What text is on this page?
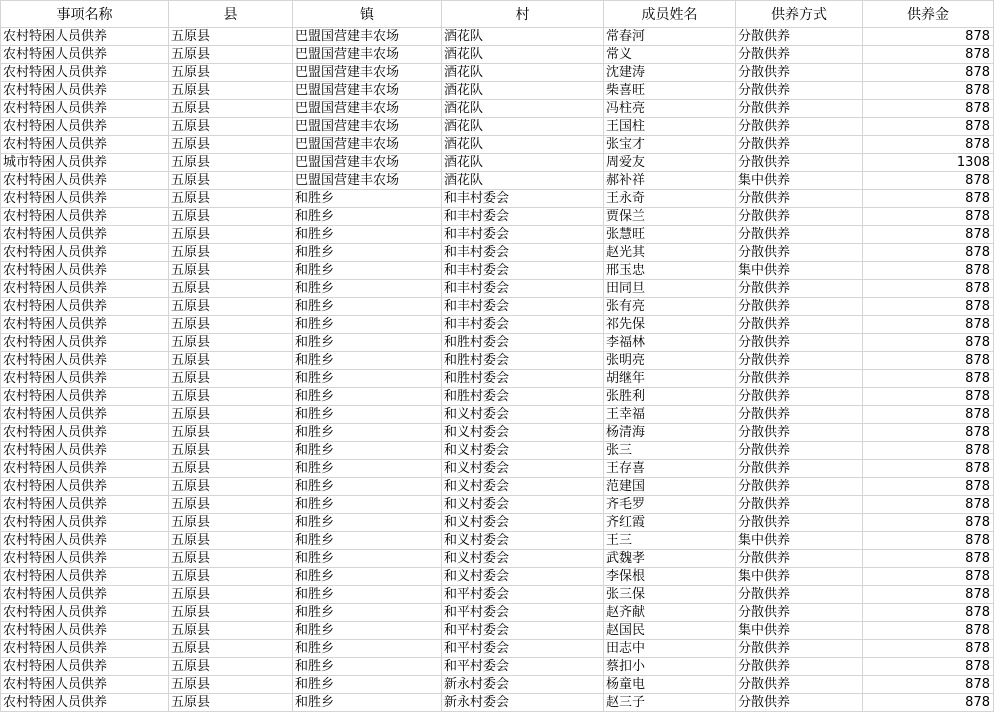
事项名称	县	镇	村	成员姓名	供养方式	供养金
农村特困人员供养	五原县	巴盟国营建丰农场	酒花队	常春河	分散供养	878
农村特困人员供养	五原县	巴盟国营建丰农场	酒花队	常义	分散供养	878
农村特困人员供养	五原县	巴盟国营建丰农场	酒花队	沈建涛	分散供养	878
农村特困人员供养	五原县	巴盟国营建丰农场	酒花队	柴喜旺	分散供养	878
农村特困人员供养	五原县	巴盟国营建丰农场	酒花队	冯柱亮	分散供养	878
农村特困人员供养	五原县	巴盟国营建丰农场	酒花队	王国柱	分散供养	878
农村特困人员供养	五原县	巴盟国营建丰农场	酒花队	张宝才	分散供养	878
城市特困人员供养	五原县	巴盟国营建丰农场	酒花队	周爱友	分散供养	1308
农村特困人员供养	五原县	巴盟国营建丰农场	酒花队	郝补祥	集中供养	878
农村特困人员供养	五原县	和胜乡	和丰村委会	王永奇	分散供养	878
农村特困人员供养	五原县	和胜乡	和丰村委会	贾保兰	分散供养	878
农村特困人员供养	五原县	和胜乡	和丰村委会	张慧旺	分散供养	878
农村特困人员供养	五原县	和胜乡	和丰村委会	赵光其	分散供养	878
农村特困人员供养	五原县	和胜乡	和丰村委会	邢玉忠	集中供养	878
农村特困人员供养	五原县	和胜乡	和丰村委会	田同旦	分散供养	878
农村特困人员供养	五原县	和胜乡	和丰村委会	张有亮	分散供养	878
农村特困人员供养	五原县	和胜乡	和丰村委会	祁先保	分散供养	878
农村特困人员供养	五原县	和胜乡	和胜村委会	李福林	分散供养	878
农村特困人员供养	五原县	和胜乡	和胜村委会	张明亮	分散供养	878
农村特困人员供养	五原县	和胜乡	和胜村委会	胡继年	分散供养	878
农村特困人员供养	五原县	和胜乡	和胜村委会	张胜利	分散供养	878
农村特困人员供养	五原县	和胜乡	和义村委会	王幸福	分散供养	878
农村特困人员供养	五原县	和胜乡	和义村委会	杨清海	分散供养	878
农村特困人员供养	五原县	和胜乡	和义村委会	张三	分散供养	878
农村特困人员供养	五原县	和胜乡	和义村委会	王存喜	分散供养	878
农村特困人员供养	五原县	和胜乡	和义村委会	范建国	分散供养	878
农村特困人员供养	五原县	和胜乡	和义村委会	齐毛罗	分散供养	878
农村特困人员供养	五原县	和胜乡	和义村委会	齐红霞	分散供养	878
农村特困人员供养	五原县	和胜乡	和义村委会	王三	集中供养	878
农村特困人员供养	五原县	和胜乡	和义村委会	武魏孝	分散供养	878
农村特困人员供养	五原县	和胜乡	和义村委会	李保根	集中供养	878
农村特困人员供养	五原县	和胜乡	和平村委会	张三保	分散供养	878
农村特困人员供养	五原县	和胜乡	和平村委会	赵齐献	分散供养	878
农村特困人员供养	五原县	和胜乡	和平村委会	赵国民	集中供养	878
农村特困人员供养	五原县	和胜乡	和平村委会	田志中	分散供养	878
农村特困人员供养	五原县	和胜乡	和平村委会	蔡扣小	分散供养	878
农村特困人员供养	五原县	和胜乡	新永村委会	杨童电	分散供养	878
农村特困人员供养	五原县	和胜乡	新永村委会	赵三子	分散供养	878
